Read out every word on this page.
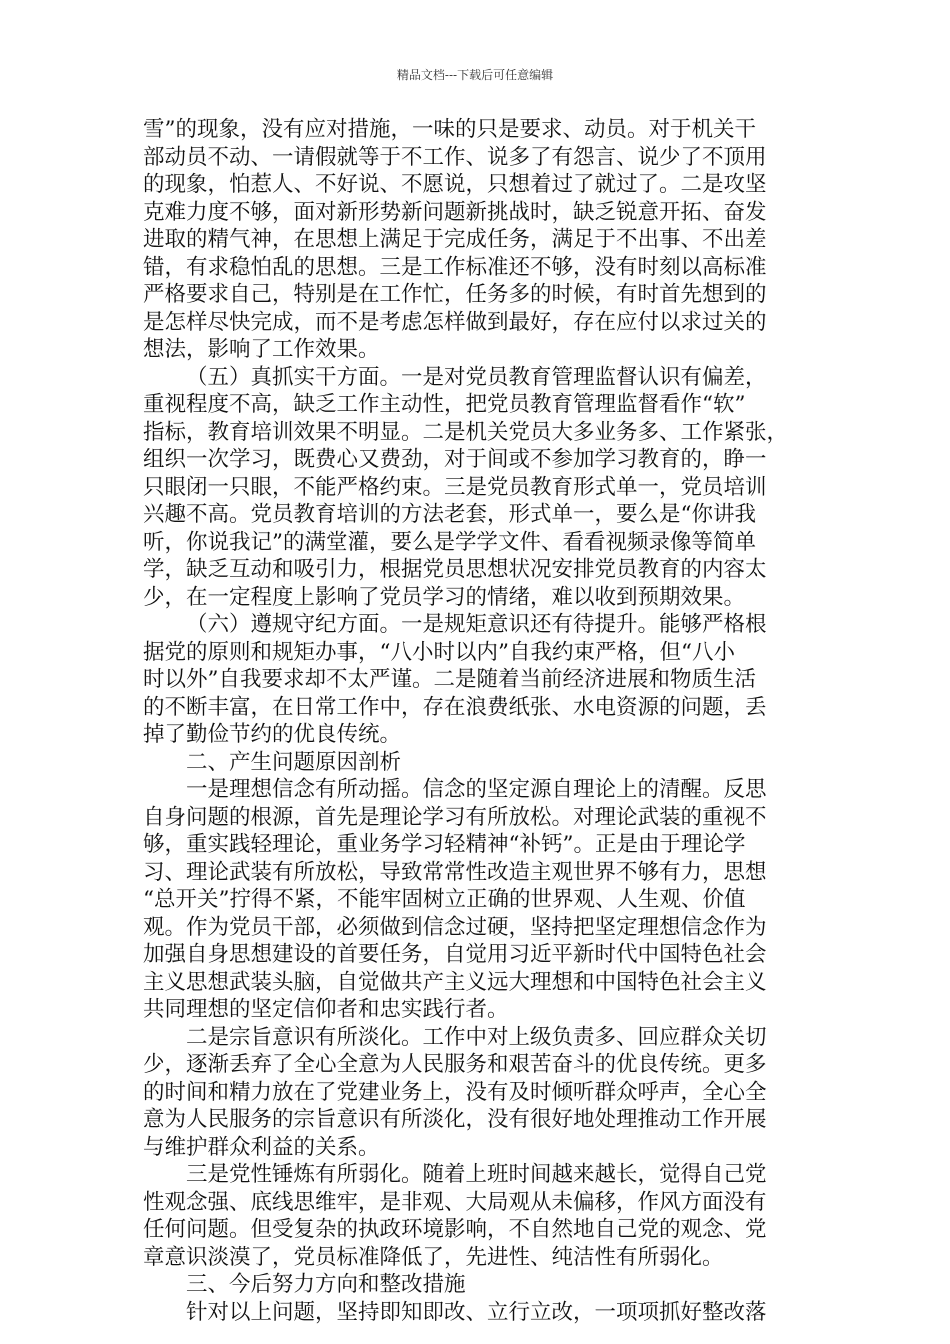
精品文档---下载后可任意编辑
雪”的现象，没有应对措施，一味的只是要求、动员。对于机关干
部动员不动、一请假就等于不工作、说多了有怨言、说少了不顶用
的现象，怕惹人、不好说、不愿说，只想着过了就过了。二是攻坚
克难力度不够，面对新形势新问题新挑战时，缺乏锐意开拓、奋发
进取的精气神，在思想上满足于完成任务，满足于不出事、不出差
错，有求稳怕乱的思想。三是工作标准还不够，没有时刻以高标准
严格要求自己，特别是在工作忙，任务多的时候，有时首先想到的
是怎样尽快完成，而不是考虑怎样做到最好，存在应付以求过关的
想法，影响了工作效果。
（五）真抓实干方面。一是对党员教育管理监督认识有偏差，
重视程度不高，缺乏工作主动性，把党员教育管理监督看作“软”
指标，教育培训效果不明显。二是机关党员大多业务多、工作紧张，
组织一次学习，既费心又费劲，对于间或不参加学习教育的，睁一
只眼闭一只眼，不能严格约束。三是党员教育形式单一，党员培训
兴趣不高。党员教育培训的方法老套，形式单一，要么是“你讲我
听，你说我记”的满堂灌，要么是学学文件、看看视频录像等简单
学，缺乏互动和吸引力，根据党员思想状况安排党员教育的内容太
少，在一定程度上影响了党员学习的情绪，难以收到预期效果。
（六）遵规守纪方面。一是规矩意识还有待提升。能够严格根
据党的原则和规矩办事，“八小时以内”自我约束严格，但“八小
时以外”自我要求却不太严谨。二是随着当前经济进展和物质生活
的不断丰富，在日常工作中，存在浪费纸张、水电资源的问题，丢
掉了勤俭节约的优良传统。
二、产生问题原因剖析
一是理想信念有所动摇。信念的坚定源自理论上的清醒。反思
自身问题的根源，首先是理论学习有所放松。对理论武装的重视不
够，重实践轻理论，重业务学习轻精神“补钙”。正是由于理论学
习、理论武装有所放松，导致常常性改造主观世界不够有力，思想
“总开关”拧得不紧，不能牢固树立正确的世界观、人生观、价值
观。作为党员干部，必须做到信念过硬，坚持把坚定理想信念作为
加强自身思想建设的首要任务，自觉用习近平新时代中国特色社会
主义思想武装头脑，自觉做共产主义远大理想和中国特色社会主义
共同理想的坚定信仰者和忠实践行者。
二是宗旨意识有所淡化。工作中对上级负责多、回应群众关切
少，逐渐丢弃了全心全意为人民服务和艰苦奋斗的优良传统。更多
的时间和精力放在了党建业务上，没有及时倾听群众呼声，全心全
意为人民服务的宗旨意识有所淡化，没有很好地处理推动工作开展
与维护群众利益的关系。
三是党性锤炼有所弱化。随着上班时间越来越长，觉得自己党
性观念强、底线思维牢，是非观、大局观从未偏移，作风方面没有
任何问题。但受复杂的执政环境影响，不自然地自己党的观念、党
章意识淡漠了，党员标准降低了，先进性、纯洁性有所弱化。
三、今后努力方向和整改措施
针对以上问题，坚持即知即改、立行立改，一项项抓好整改落
